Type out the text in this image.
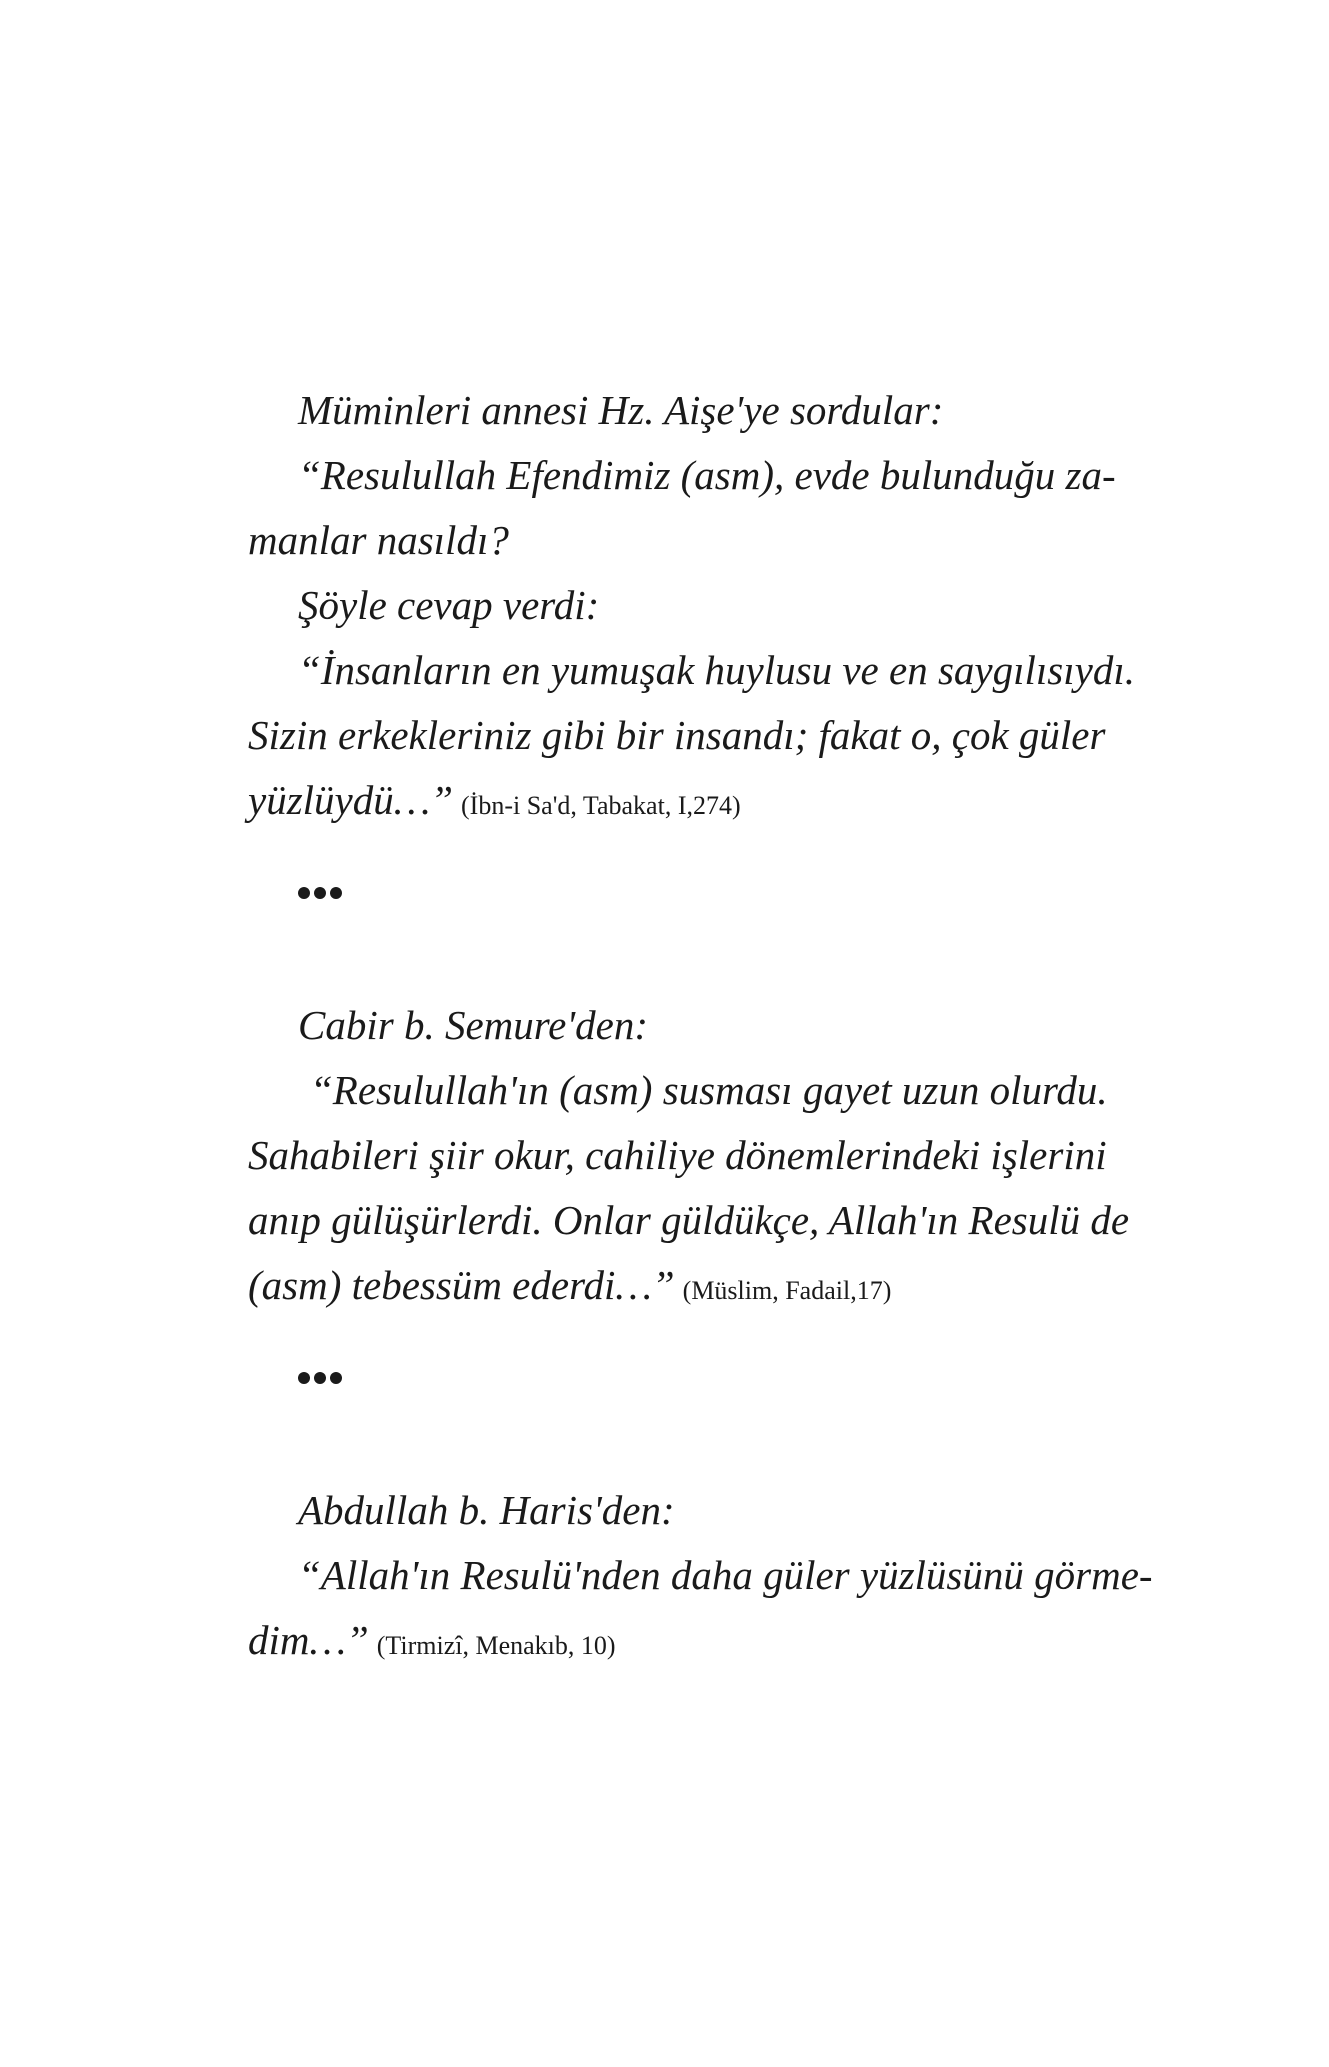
Müminleri annesi Hz. Aişe'ye sordular:
“Resulullah Efendimiz (asm), evde bulunduğu za-
manlar nasıldı?
Şöyle cevap verdi:
“İnsanların en yumuşak huylusu ve en saygılısıydı.
Sizin erkekleriniz gibi bir insandı; fakat o, çok güler
yüzlüydü…” (İbn-i Sa'd, Tabakat, I,274)
Cabir b. Semure'den:
“Resulullah'ın (asm) susması gayet uzun olurdu.
Sahabileri şiir okur, cahiliye dönemlerindeki işlerini
anıp gülüşürlerdi. Onlar güldükçe, Allah'ın Resulü de
(asm) tebessüm ederdi…” (Müslim, Fadail,17)
Abdullah b. Haris'den:
“Allah'ın Resulü'nden daha güler yüzlüsünü görme-
dim…” (Tirmizî, Menakıb, 10)
